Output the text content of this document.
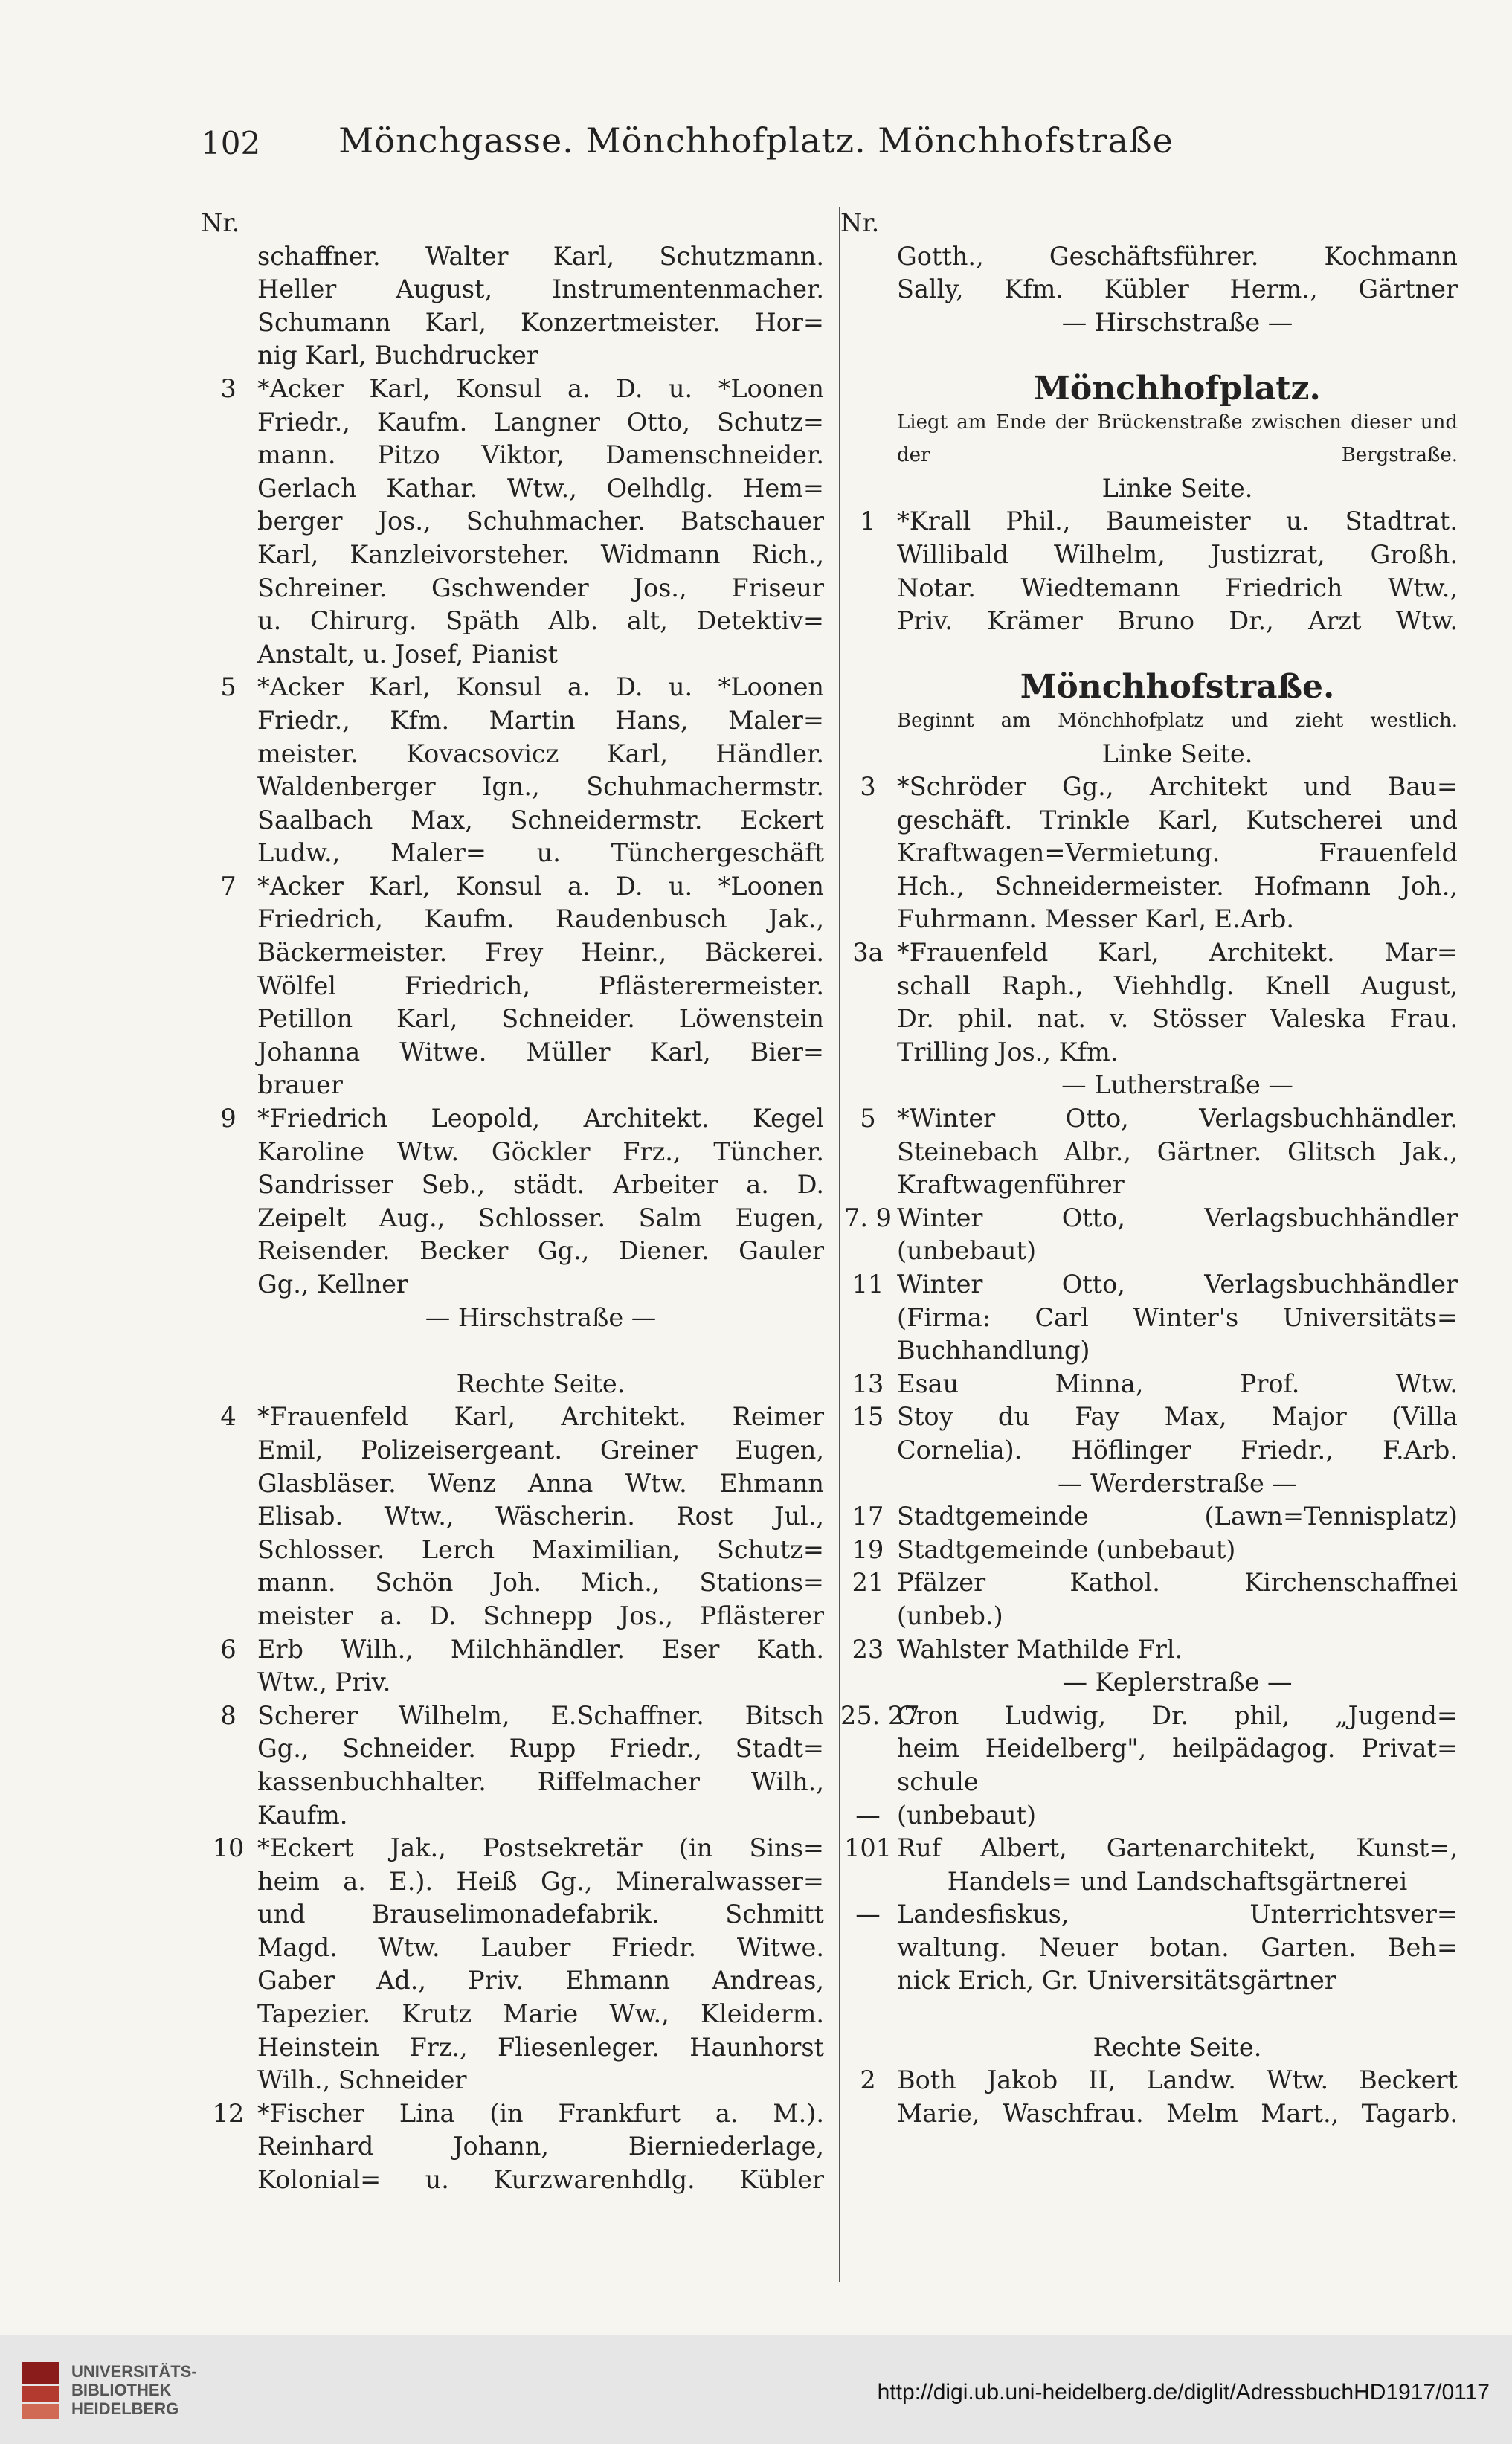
102	Mönchgasse. Mönchhofplatz. Mönchhofstraße
Nr.
schaffner. Walter Karl, Schutzmann.
Heller August, Instrumentenmacher.
Schumann Karl, Konzertmeister. Hor=
nig Karl, Buchdrucker
3 *Acker Karl, Konsul a. D. u. *Loonen
Friedr., Kaufm. Langner Otto, Schutz=
mann. Pitzo Viktor, Damenschneider.
Gerlach Kathar. Wtw., Oelhdlg. Hem=
berger Jos., Schuhmacher. Batschauer
Karl, Kanzleivorsteher. Widmann Rich.,
Schreiner. Gschwender Jos., Friseur
u. Chirurg. Späth Alb. alt, Detektiv=
Anstalt, u. Josef, Pianist
5 *Acker Karl, Konsul a. D. u. *Loonen
Friedr., Kfm. Martin Hans, Maler=
meister. Kovacsovicz Karl, Händler.
Waldenberger Ign., Schuhmachermstr.
Saalbach Max, Schneidermstr. Eckert
Ludw., Maler= u. Tünchergeschäft
7 *Acker Karl, Konsul a. D. u. *Loonen
Friedrich, Kaufm. Raudenbusch Jak.,
Bäckermeister. Frey Heinr., Bäckerei.
Wölfel Friedrich, Pflästerermeister.
Petillon Karl, Schneider. Löwenstein
Johanna Witwe. Müller Karl, Bier=
brauer
9 *Friedrich Leopold, Architekt. Kegel
Karoline Wtw. Göckler Frz., Tüncher.
Sandrisser Seb., städt. Arbeiter a. D.
Zeipelt Aug., Schlosser. Salm Eugen,
Reisender. Becker Gg., Diener. Gauler
Gg., Kellner
— Hirschstraße —
Rechte Seite.
4 *Frauenfeld Karl, Architekt. Reimer
Emil, Polizeisergeant. Greiner Eugen,
Glasbläser. Wenz Anna Wtw. Ehmann
Elisab. Wtw., Wäscherin. Rost Jul.,
Schlosser. Lerch Maximilian, Schutz=
mann. Schön Joh. Mich., Stations=
meister a. D. Schnepp Jos., Pflästerer
6 Erb Wilh., Milchhändler. Eser Kath.
Wtw., Priv.
8 Scherer Wilhelm, E.Schaffner. Bitsch
Gg., Schneider. Rupp Friedr., Stadt=
kassenbuchhalter. Riffelmacher Wilh.,
Kaufm.
10 *Eckert Jak., Postsekretär (in Sins=
heim a. E.). Heiß Gg., Mineralwasser=
und Brauselimonadefabrik. Schmitt
Magd. Wtw. Lauber Friedr. Witwe.
Gaber Ad., Priv. Ehmann Andreas,
Tapezier. Krutz Marie Ww., Kleiderm.
Heinstein Frz., Fliesenleger. Haunhorst
Wilh., Schneider
12 *Fischer Lina (in Frankfurt a. M.).
Reinhard Johann, Bierniederlage,
Kolonial= u. Kurzwarenhdlg. Kübler
Nr.
Gotth., Geschäftsführer. Kochmann
Sally, Kfm. Kübler Herm., Gärtner
— Hirschstraße —
Mönchhofplatz.
Liegt am Ende der Brückenstraße zwischen dieser und
der Bergstraße.
Linke Seite.
1 *Krall Phil., Baumeister u. Stadtrat.
Willibald Wilhelm, Justizrat, Großh.
Notar. Wiedtemann Friedrich Wtw.,
Priv. Krämer Bruno Dr., Arzt Wtw.
Mönchhofstraße.
Beginnt am Mönchhofplatz und zieht westlich.
Linke Seite.
3 *Schröder Gg., Architekt und Bau=
geschäft. Trinkle Karl, Kutscherei und
Kraftwagen=Vermietung. Frauenfeld
Hch., Schneidermeister. Hofmann Joh.,
Fuhrmann. Messer Karl, E.Arb.
3a *Frauenfeld Karl, Architekt. Mar=
schall Raph., Viehhdlg. Knell August,
Dr. phil. nat. v. Stösser Valeska Frau.
Trilling Jos., Kfm.
— Lutherstraße —
5 *Winter Otto, Verlagsbuchhändler.
Steinebach Albr., Gärtner. Glitsch Jak.,
Kraftwagenführer
7. 9 Winter Otto, Verlagsbuchhändler
(unbebaut)
11 Winter Otto, Verlagsbuchhändler
(Firma: Carl Winter's Universitäts=
Buchhandlung)
13 Esau Minna, Prof. Wtw.
15 Stoy du Fay Max, Major (Villa
Cornelia). Höflinger Friedr., F.Arb.
— Werderstraße —
17 Stadtgemeinde (Lawn=Tennisplatz)
19 Stadtgemeinde (unbebaut)
21 Pfälzer Kathol. Kirchenschaffnei
(unbeb.)
23 Wahlster Mathilde Frl.
— Keplerstraße —
25. 27
Cron Ludwig, Dr. phil, „Jugend=
heim Heidelberg", heilpädagog. Privat=
schule
— (unbebaut)
101 Ruf Albert, Gartenarchitekt, Kunst=,
Handels= und Landschaftsgärtnerei
— Landesfiskus, Unterrichtsver=
waltung. Neuer botan. Garten. Beh=
nick Erich, Gr. Universitätsgärtner
Rechte Seite.
2 Both Jakob II, Landw. Wtw. Beckert
Marie, Waschfrau. Melm Mart., Tagarb.
UNIVERSITÄTS-
BIBLIOTHEK
HEIDELBERG
http://digi.ub.uni-heidelberg.de/diglit/AdressbuchHD1917/0117
